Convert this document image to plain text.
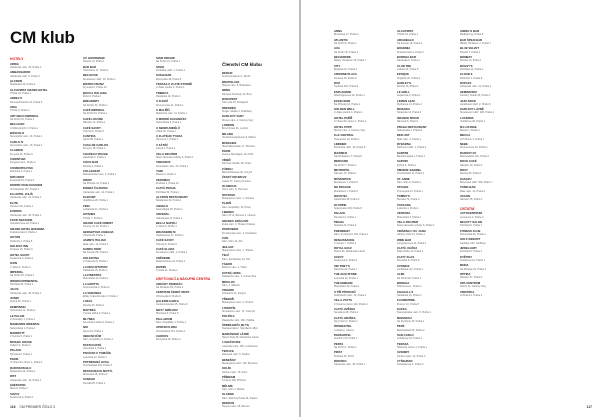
CM klub
Členství CM klubu
HOTELY
ADRIA
Václavské nám. 26, Praha 1
AMBASSADOR
Václavské nám. 5, Praha 1
ALCRON
Štěpánská 40, Praha 1
ALCHYMIST GRAND HOTEL
Tržiště 19, Praha 1
ANDEL'S
Stroupežnického 21, Praha 5
ARIA
Tržiště 9, Praha 1
ART DECO IMPERIAL
Na Poříčí 15, Praha 1
BELLAGIO
U Milosrdných 2, Praha 1
BOSCOLO
Senovážné nám. 13, Praha 1
CARLO IV
Senovážné nám. 13, Praha 1
CLARION
Freyova 33, Praha 9
CORINTHIA
Kongresová 1, Praha 4
COSMOPOLITAN
Zlatnická 3, Praha 1
DIPLOMAT
Evropská 15, Praha 6
DORINT DON GIOVANNI
Vinohradská 157, Praha 3
EA HOTEL JULIŠ
Václavské nám. 22, Praha 1
ELITE
Ostrovní 32, Praha 1
EUROPA
Václavské nám. 25, Praha 1
FOUR SEASONS
Veleslavínova 2a, Praha 1
GRAND HOTEL BOHEMIA
Králodvorská 4, Praha 1
HILTON
Pobřežní 1, Praha 8
HOLIDAY INN
Koulova 15, Praha 6
HOTEL SAVOY
Keplerova 6, Praha 1
ICON
V Jámě 6, Praha 1
IMPERIAL
Na Poříčí 15, Praha 1
INTERCONTINENTAL
Pařížská 30, Praha 1
JALTA
Václavské nám. 45, Praha 1
JOSEF
Rybná 20, Praha 1
KEMPINSKI
Hybernská 12, Praha 1
LE PALAIS
U Zvonařky 1, Praha 2
MANDARIN ORIENTAL
Nebovidská 1, Praha 1
MARRIOTT
V Celnici 8, Praha 1
MOSAIC HOUSE
Odborů 4, Praha 2
PALACE
Panská 12, Praha 1
PARIS
U Obecního domu 1, Praha 1
RADISSON BLU
Štěpánská 40, Praha 1
RITZ
Václavské nám. 16, Praha 1
SHERATON
Žitná 8, Praha 2
SAVOY
Keplerova 6, Praha 1
AU GOURMAND
Dlouhá 10, Praha 1
BAR BAR
Všehrdova 17, Praha 1
BELLEVUE
Smetanovo nábř. 18, Praha 1
BISTRO FRANZ
Krymská 2, Praha 10
BOCCA ITALIANA
Žitná 8, Praha 2
BREADWAY
Na Porlče 30, Praha 1
CAFÉ IMPERIAL
Na Poříčí 15, Praha 1
CAFÉ LOUVRE
Národní 22, Praha 1
CAFÉ SAVOY
Vítězná 5, Praha 5
CANTINA
Újezd 38, Praha 1
CASA DE CARLOS
Korunní 48, Praha 2
CHAPEAU ROUGE
Jakubská 2, Praha 1
COCO BAR
Dlouhá 4, Praha 1
COLLEGIUM
Malostranské nám. 4, Praha 1
DINITZ
Na Příkopě 12, Praha 1
DOBRÁ ČAJOVNA
Václavské nám. 14, Praha 1
ELEFANT
Vodičkova 20, Praha 1
FINO
Lublaňská 11, Praha 2
GITANES
Tržiště 7, Praha 1
GRAND CAFÉ ORIENT
Ovocný trh 19, Praha 1
HERGETOVA CIHELNA
Cihelná 2b, Praha 1
JAMIE'S ITALIAN
Malé nám. 14, Praha 1
KAMPA PARK
Na Kampě 8b, Praha 1
KOLKOVNA
V Kolkovně 8, Praha 1
LA DEGUSTATION
Haštalská 18, Praha 1
LA FINESTRA
Platnéřská 13, Praha 1
LA GROTTA
Francouzská 2, Praha 2
LA VERANDA
Elišky Krásnohorské 2, Praha 1
LOKÁL
Dlouhá 33, Praha 1
MAITREA
Týnská ulička 6, Praha 1
MLÝNEC
Novotného lávka 9, Praha 1
NOI
Újezd 19, Praha 1
OBECNÍ DŮM
Nám. Republiky 5, Praha 1
PASTACAFFÉ
Vězeňská 1, Praha 1
PIVOVAR U TOMÁŠE
Letenská 12, Praha 1
POTREFENÁ HUSA
Vinohradská 104, Praha 3
RESTAURACE MOTÝL
Moravská 18, Praha 2
SANSHO
Petrská 25, Praha 1
SIAM ORCHID
Na Poříčí 21, Praha 1
SOHO
Podolské nábř. 1, Praha 4
SUSHI BAR
Zborovská 49, Praha 5
TERASA U ZLATÉ STUDNĚ
U Zlaté studně 4, Praha 1
TRIBECA
Haštalská 19, Praha 1
U FLEKŮ
Křemencova 11, Praha 1
U MALÍŘŮ
Maltézské nám. 11, Praha 1
U MODRÉ KACHNIČKY
Nebovidská 6, Praha 1
U SEDMI ANDĚLŮ
Jilská 20, Praha 1
U ZLATÉHO TYGRA
Husova 17, Praha 1
V ZÁTIŠÍ
Liliová 1, Praha 1
VILLA RICHTER
Staré zámecké schody 6, Praha 1
VINOGRAF
Senovážné nám. 23, Praha 1
YAMI
Masná 3, Praha 1
ZEROMAX
Pražská 4, Praha 10
ZLATÁ PRAHA
Pařížská 30, Praha 1
ALCRON RESTAURANT
Štěpánská 40, Praha 1
ANGELO
Karmelitská 18, Praha 1
ARZENÁL
Valentinská 11, Praha 1
BELLA NAPOLI
V Jámě 8, Praha 1
BRASSERIE M
Vladislavova 17, Praha 1
CAFÉ SAVOY
Vítězná 5, Praha 5
CAFÉ SLAVIA
Smetanovo nábř. 2, Praha 1
CRÊPERIE
Melantrichova 12, Praha 1
DIVINIS
Týnská 21, Praha 1
UBYTOVACÍ A NÁKUPNÍ CENTRA
ARKÁDY PANKRÁC
Na Pankráci 86, Praha 4
CENTRUM ČERNÝ MOST
Chlumecká 8, Praha 9
GALERIE HARFA
Českomoravská 15, Praha 9
NOVÝ SMÍCHOV
Plzeňská 8, Praha 5
PALLADIUM
Nám. Republiky 1, Praha 1
ATRIUM FLORA
Vinohradská 151, Praha 3
CHODOV
Roztylská 19, Praha 4
BERLIN
Kurfürstendamm 1, Berlín
BRATISLAVA
Hlavné nám. 5, Bratislava
BRNO
Náměstí Svobody 12, Brno
BUDAPEST
Váci utca 18, Budapešť
DRESDEN
Prager Straße 2, Drážďany
KARLOVY VARY
Mírové nám. 2, Karlovy Vary
LONDON
Bond Street 21, Londýn
MILANO
Via Montenapoleone 8, Miláno
MÜNCHEN
Maximilianstraße 17, Mnichov
PARIS
Avenue Montaigne 10, Paříž
VÍDEŇ
Kärntner Straße 19, Vídeň
ZÜRICH
Bahnhofstrasse 40, Curych
ČESKÝ KRUMLOV
Latrán 37, Český Krumlov
OLOMOUC
Horní nám. 5, Olomouc
OSTRAVA
Masarykovo nám. 1, Ostrava
PLZEŇ
Nám. Republiky 12, Plzeň
LIBEREC
Nám. Dr. E. Beneše 1, Liberec
HRADEC KRÁLOVÉ
Velké nám. 3, Hradec Králové
PARDUBICE
Pernštýnské nám. 1, Pardubice
ZLÍN
Nám. Míru 12, Zlín
JIHLAVA
Masarykovo nám. 1, Jihlava
TELČ
Nám. Zachariáše 10, Telč
TÁBOR
Žižkovo nám. 1, Tábor
KUTNÁ HORA
Palackého nám. 3, Kutná Hora
MIKULOV
Nám. 1, Mikulov
ZNOJMO
Obroková 10, Znojmo
TŘEBOŇ
Masarykovo nám. 2, Třeboň
LITOMYŠL
Smetanovo nám. 72, Litomyšl
POLIČKA
Palackého nám. 160, Polička
ŠPINDLERŮV MLÝN
Svatopetrská 2, Špindlerův Mlýn
MARIÁNSKÉ LÁZNĚ
Hlavní třída 48, Mariánské Lázně
LUHAČOVICE
Lázeňské nám. 436, Luhačovice
TEPLICE
Zámecké nám. 6, Teplice
BENEŠOV
Masarykovo nám. 100, Benešov
KOLÍN
Karlovo nám. 78, Kolín
PŘÍBRAM
Tyršova 108, Příbram
MĚLNÍK
Nám. Míru 1, Mělník
KLADNO
Nám. Starosty Pavla 44, Kladno
BEROUN
Husovo nám. 68, Beroun
116 CM PREMIER ČÍSLO 3
ANNA
Budečská 17, Praha 2
ATLANTIC
Na Poříčí 9, Praha 1
AXA
Na Poříčí 40, Praha 1
BELVEDERE
Milady Horákové 19, Praha 7
CITY
Belgická 10, Praha 2
CROWNE PLAZA
Koulova 15, Praha 6
DUO
Teplická 492, Praha 9
ESPLANADE
Washingtonova 19, Praha 1
EXCELSIOR
Na Příkopě 10, Praha 1
GOLDEN WELL
U Zlaté studně 4, Praha 1
HOTEL PAŘÍŽ
U Obecního domu 1, Praha 1
HOTEL PUPP
Mírové nám. 2, Karlovy Vary
K+K CENTRAL
Hybernská 10, Praha 1
LINDNER
Rohanské nábř. 19, Praha 8
MAXIMUS
Nad Rokytkou 3, Praha 8
MERCURE
Na Poříčí 7, Praha 1
METROPOL
Národní 33, Praha 1
MÖVENPICK
Mozartova 1, Praha 5
NH PRAGUE
Mozartova 1, Praha 5
NOVOTEL
Kateřinská 38, Praha 2
OLYMPIK
Sokolovská 138, Praha 8
PALACE
Panská 12, Praha 1
PRAHA
Sušická 20, Praha 6
PRESIDENT
Nám. Curieových 100, Praha 1
RENAISSANCE
V Celnici 7, Praha 1
ROYAL GOLF
Hlavní 56, Mariánské Lázně
SAVOY
Keplerova 6, Praha 1
SIR TOBY'S
Dělnická 24, Praha 7
THE AUGUSTINE
Letenská 12, Praha 1
THE EMBLEM
Platnéřská 19, Praha 1
U TŘÍ PŠTROSŮ
Dražického nám. 12, Praha 1
VILLA VOYTA
K Novému dvoru 124, Praha 4
ZLATÁ HVĚZDA
Nerudova 48, Praha 1
ZLATÁ HRUŠKA
Nový Svět 3, Praha 1
INTERHOTEL
Lužická 2, Liberec
PARKHOTEL
Veletržní 20, Praha 7
PENTA
Na Poříčí 1, Praha 1
PIRÁT
Pražská 15, Plzeň
ROKOKO
Václavské nám. 38, Praha 1
ALCHYMIST
Tržiště 19, Praha 1
ARCHIBALD
Na Kampě 15, Praha 1
BOHEMIA
Králodvorská 4, Praha 1
BUDDHA BAR
Jakubská 8, Praha 1
CLUB TRE
Lidická 34, Praha 5
EPOQUE
Anglická 20, Praha 2
HARLEY'S
Dlouhá 18, Praha 1
LE GRILL
Keplerova 6, Praha 1
LEMON LEAF
Myslíkova 14, Praha 2
MOZAIKA
Nitranská 13, Praha 3
ORANGE MOON
Rámová 5, Praha 1
PRAHA RESTAURANT
Sokolovská 1, Praha 8
RED HOT
Malé nám. 2, Praha 1
RYBÁRNA
Rašínovo nábř. 1, Praha 2
SANTINI
Bartolomějská 1, Praha 1
SAPORI
Rybná 9, Praha 1
SMOKIN' BARREL
Vinohradská 11, Praha 2
ST. ANNE
Nám. Míru 9, Praha 2
STOLEN
Thunovská 14, Praha 1
TOMMY'S
Slezská 74, Praha 3
TOSCANA
Lodecká 4, Praha 1
VENTANA
Platnéřská 3, Praha 1
VILLA RICHTER
Staré zámecké schody 6, Praha 1
VINÁRNA U SV. JANA
Jánský vršek 11, Praha 1
WINE BAR
Jungmannova 10, Praha 1
ZLATÁ ULIČKA
Zlatá ulička 12, Praha 1
ZLATÝ KLAS
Plzeňská 9, Praha 5
ZVONICE
Jindřišská věž, Praha 1
ALIBI
Na Poříčí 18, Praha 1
BODEGA
Pštrossova 1, Praha 1
CHAGALL'S
Haštalská 13, Praha 1
FLORENTINE
Florenc 10, Praha 8
KAFKA
Staroměstské nám. 5, Praha 1
MONARCH
Na Perštýně 15, Praha 1
PEPÉ
Bělehradská 54, Praha 2
SAN CARLO
Vodičkova 34, Praha 1
TERASA
Střelecký ostrov 1, Praha 1
UZENINY
Karlovo nám. 12, Praha 2
VYŠEHRAD
Soběslavova 1, Praha 2
ANDEL'S BAR
Radlická 1g, Praha 5
BAR ŠPEJCHAR
Milady Horákové 2, Praha 7
BLUE VELVET
Dlouhá 7, Praha 1
BOMBAY
Dlouhá 13, Praha 1
BUGSY'S
Pařížská 10, Praha 1
CLOUD 9
Pobřežní 1, Praha 8
DUPLEX
Václavské nám. 21, Praha 1
HEMINGWAY
Karolíny Světlé 26, Praha 1
JAZZ DOCK
Janáčkovo nábř. 2, Praha 5
KARLOVY LÁZNĚ
Smetanovo nábř. 198, Praha 1
LUCERNA
Vodičkova 36, Praha 1
M1 LOUNGE
Masná 1, Praha 1
MECCA
U Průhonu 3, Praha 7
NEBE
Křemencova 10, Praha 1
RADOST FX
Bělehradská 120, Praha 2
ROCK CAFÉ
Národní 20, Praha 1
ROXY
Dlouhá 33, Praha 1
SASAZU
Bubenské nábř. 306, Praha 7
TONIC BAR
Malé nám. 12, Praha 1
VAGON
Národní 25, Praha 1
OSTATNÍ
AUTOCENTRUM
Jeseniova 2, Praha 3
BEAUTY SALON
Pařížská 9, Praha 1
FITNESS CLUB
Klimentská 46, Praha 1
GOLF RESORT
Karlštejn 242, Karlštejn
JEWELLERY
Pařížská 5, Praha 1
KVĚTINY
Vodičkova 12, Praha 1
MODA
Na Příkopě 22, Praha 1
OPTIKA
Národní 37, Praha 1
SPA CENTRUM
Hlavní 12, Karlovy Vary
VINOTÉKA
Lužická 14, Praha 2
117
